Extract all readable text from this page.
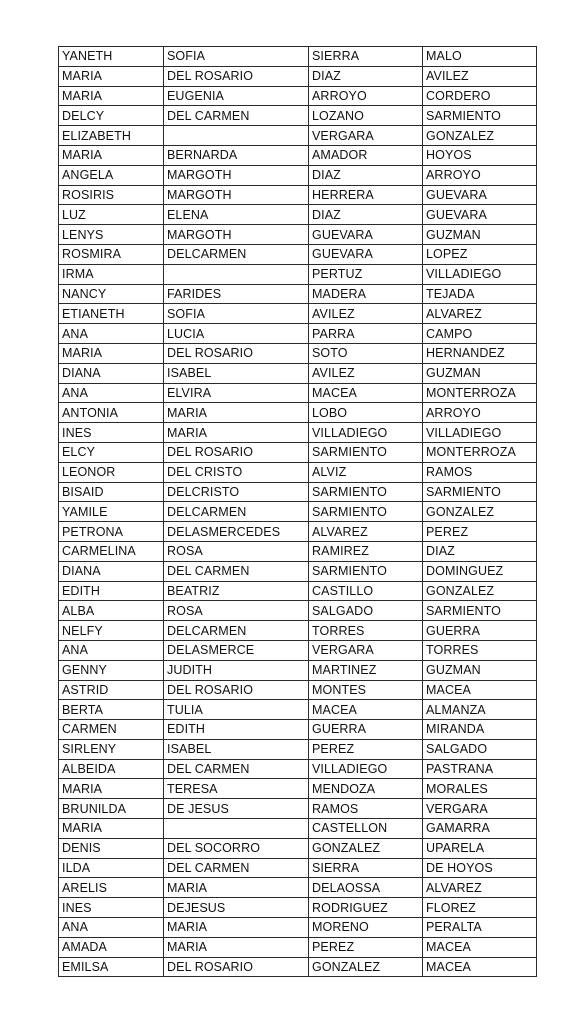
YANETH	SOFIA	SIERRA	MALO
MARIA	DEL ROSARIO	DIAZ	AVILEZ
MARIA	EUGENIA	ARROYO	CORDERO
DELCY	DEL CARMEN	LOZANO	SARMIENTO
ELIZABETH		VERGARA	GONZALEZ
MARIA	BERNARDA	AMADOR	HOYOS
ANGELA	MARGOTH	DIAZ	ARROYO
ROSIRIS	MARGOTH	HERRERA	GUEVARA
LUZ	ELENA	DIAZ	GUEVARA
LENYS	MARGOTH	GUEVARA	GUZMAN
ROSMIRA	DELCARMEN	GUEVARA	LOPEZ
IRMA		PERTUZ	VILLADIEGO
NANCY	FARIDES	MADERA	TEJADA
ETIANETH	SOFIA	AVILEZ	ALVAREZ
ANA	LUCIA	PARRA	CAMPO
MARIA	DEL ROSARIO	SOTO	HERNANDEZ
DIANA	ISABEL	AVILEZ	GUZMAN
ANA	ELVIRA	MACEA	MONTERROZA
ANTONIA	MARIA	LOBO	ARROYO
INES	MARIA	VILLADIEGO	VILLADIEGO
ELCY	DEL ROSARIO	SARMIENTO	MONTERROZA
LEONOR	DEL CRISTO	ALVIZ	RAMOS
BISAID	DELCRISTO	SARMIENTO	SARMIENTO
YAMILE	DELCARMEN	SARMIENTO	GONZALEZ
PETRONA	DELASMERCEDES	ALVAREZ	PEREZ
CARMELINA	ROSA	RAMIREZ	DIAZ
DIANA	DEL CARMEN	SARMIENTO	DOMINGUEZ
EDITH	BEATRIZ	CASTILLO	GONZALEZ
ALBA	ROSA	SALGADO	SARMIENTO
NELFY	DELCARMEN	TORRES	GUERRA
ANA	DELASMERCE	VERGARA	TORRES
GENNY	JUDITH	MARTINEZ	GUZMAN
ASTRID	DEL ROSARIO	MONTES	MACEA
BERTA	TULIA	MACEA	ALMANZA
CARMEN	EDITH	GUERRA	MIRANDA
SIRLENY	ISABEL	PEREZ	SALGADO
ALBEIDA	DEL CARMEN	VILLADIEGO	PASTRANA
MARIA	TERESA	MENDOZA	MORALES
BRUNILDA	DE JESUS	RAMOS	VERGARA
MARIA		CASTELLON	GAMARRA
DENIS	DEL SOCORRO	GONZALEZ	UPARELA
ILDA	DEL CARMEN	SIERRA	DE HOYOS
ARELIS	MARIA	DELAOSSA	ALVAREZ
INES	DEJESUS	RODRIGUEZ	FLOREZ
ANA	MARIA	MORENO	PERALTA
AMADA	MARIA	PEREZ	MACEA
EMILSA	DEL ROSARIO	GONZALEZ	MACEA
